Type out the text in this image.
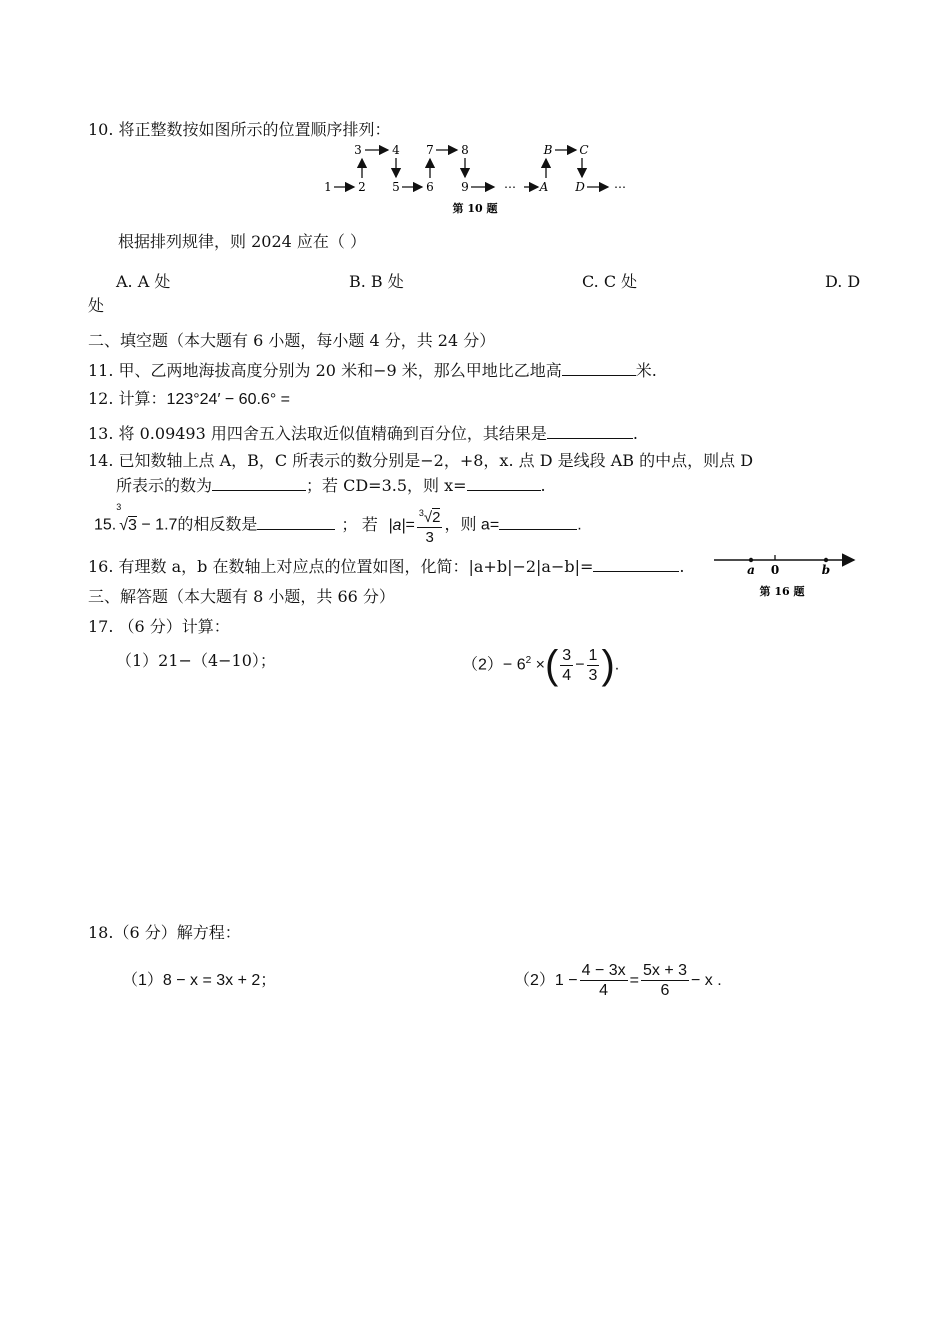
10. 将正整数按如图所示的位置顺序排列：
3	4 7 8	B C
1 2 5 6 9	⋯ A D ⋯
第 10 题
根据排列规律，则 2024 应在（ ）
A. A 处	B. B 处	C. C 处	D. D
处
二、填空题（本大题有 6 小题，每小题 4 分，共 24 分）
11. 甲、乙两地海拔高度分别为 20 米和−9 米，那么甲地比乙地高	米.
12. 计算：123°24′ − 60.6° =
13. 将 0.09493 用四舍五入法取近似值精确到百分位，其结果是	.
14. 已知数轴上点 A，B，C 所表示的数分别是−2，+8，x. 点 D 是线段 AB 的中点，则点 D
所表示的数为	；若 CD=3.5，则 x=	.
15.
3
√3 − 1.7的相反数是	； 若 $|a|= \frac{^3√2}{3}$ ，则 a=	.
16. 有理数 a，b 在数轴上对应点的位置如图，化简：|a+b|−2|a−b|=	.	a 0	b
第 16 题
三、解答题（本大题有 8 小题，共 66 分）
17. （6 分）计算：
（1）21−（4−10）；	$(2)- 6^2$ ×( $\frac{3}{4} - \frac{1}{3}$ ).
18.（6 分）解方程：
（1）8 − x = 3x + 2；	$(2)1 - \frac{4 - 3x}{4} = \frac{5x + 3}{6} - x$ .
